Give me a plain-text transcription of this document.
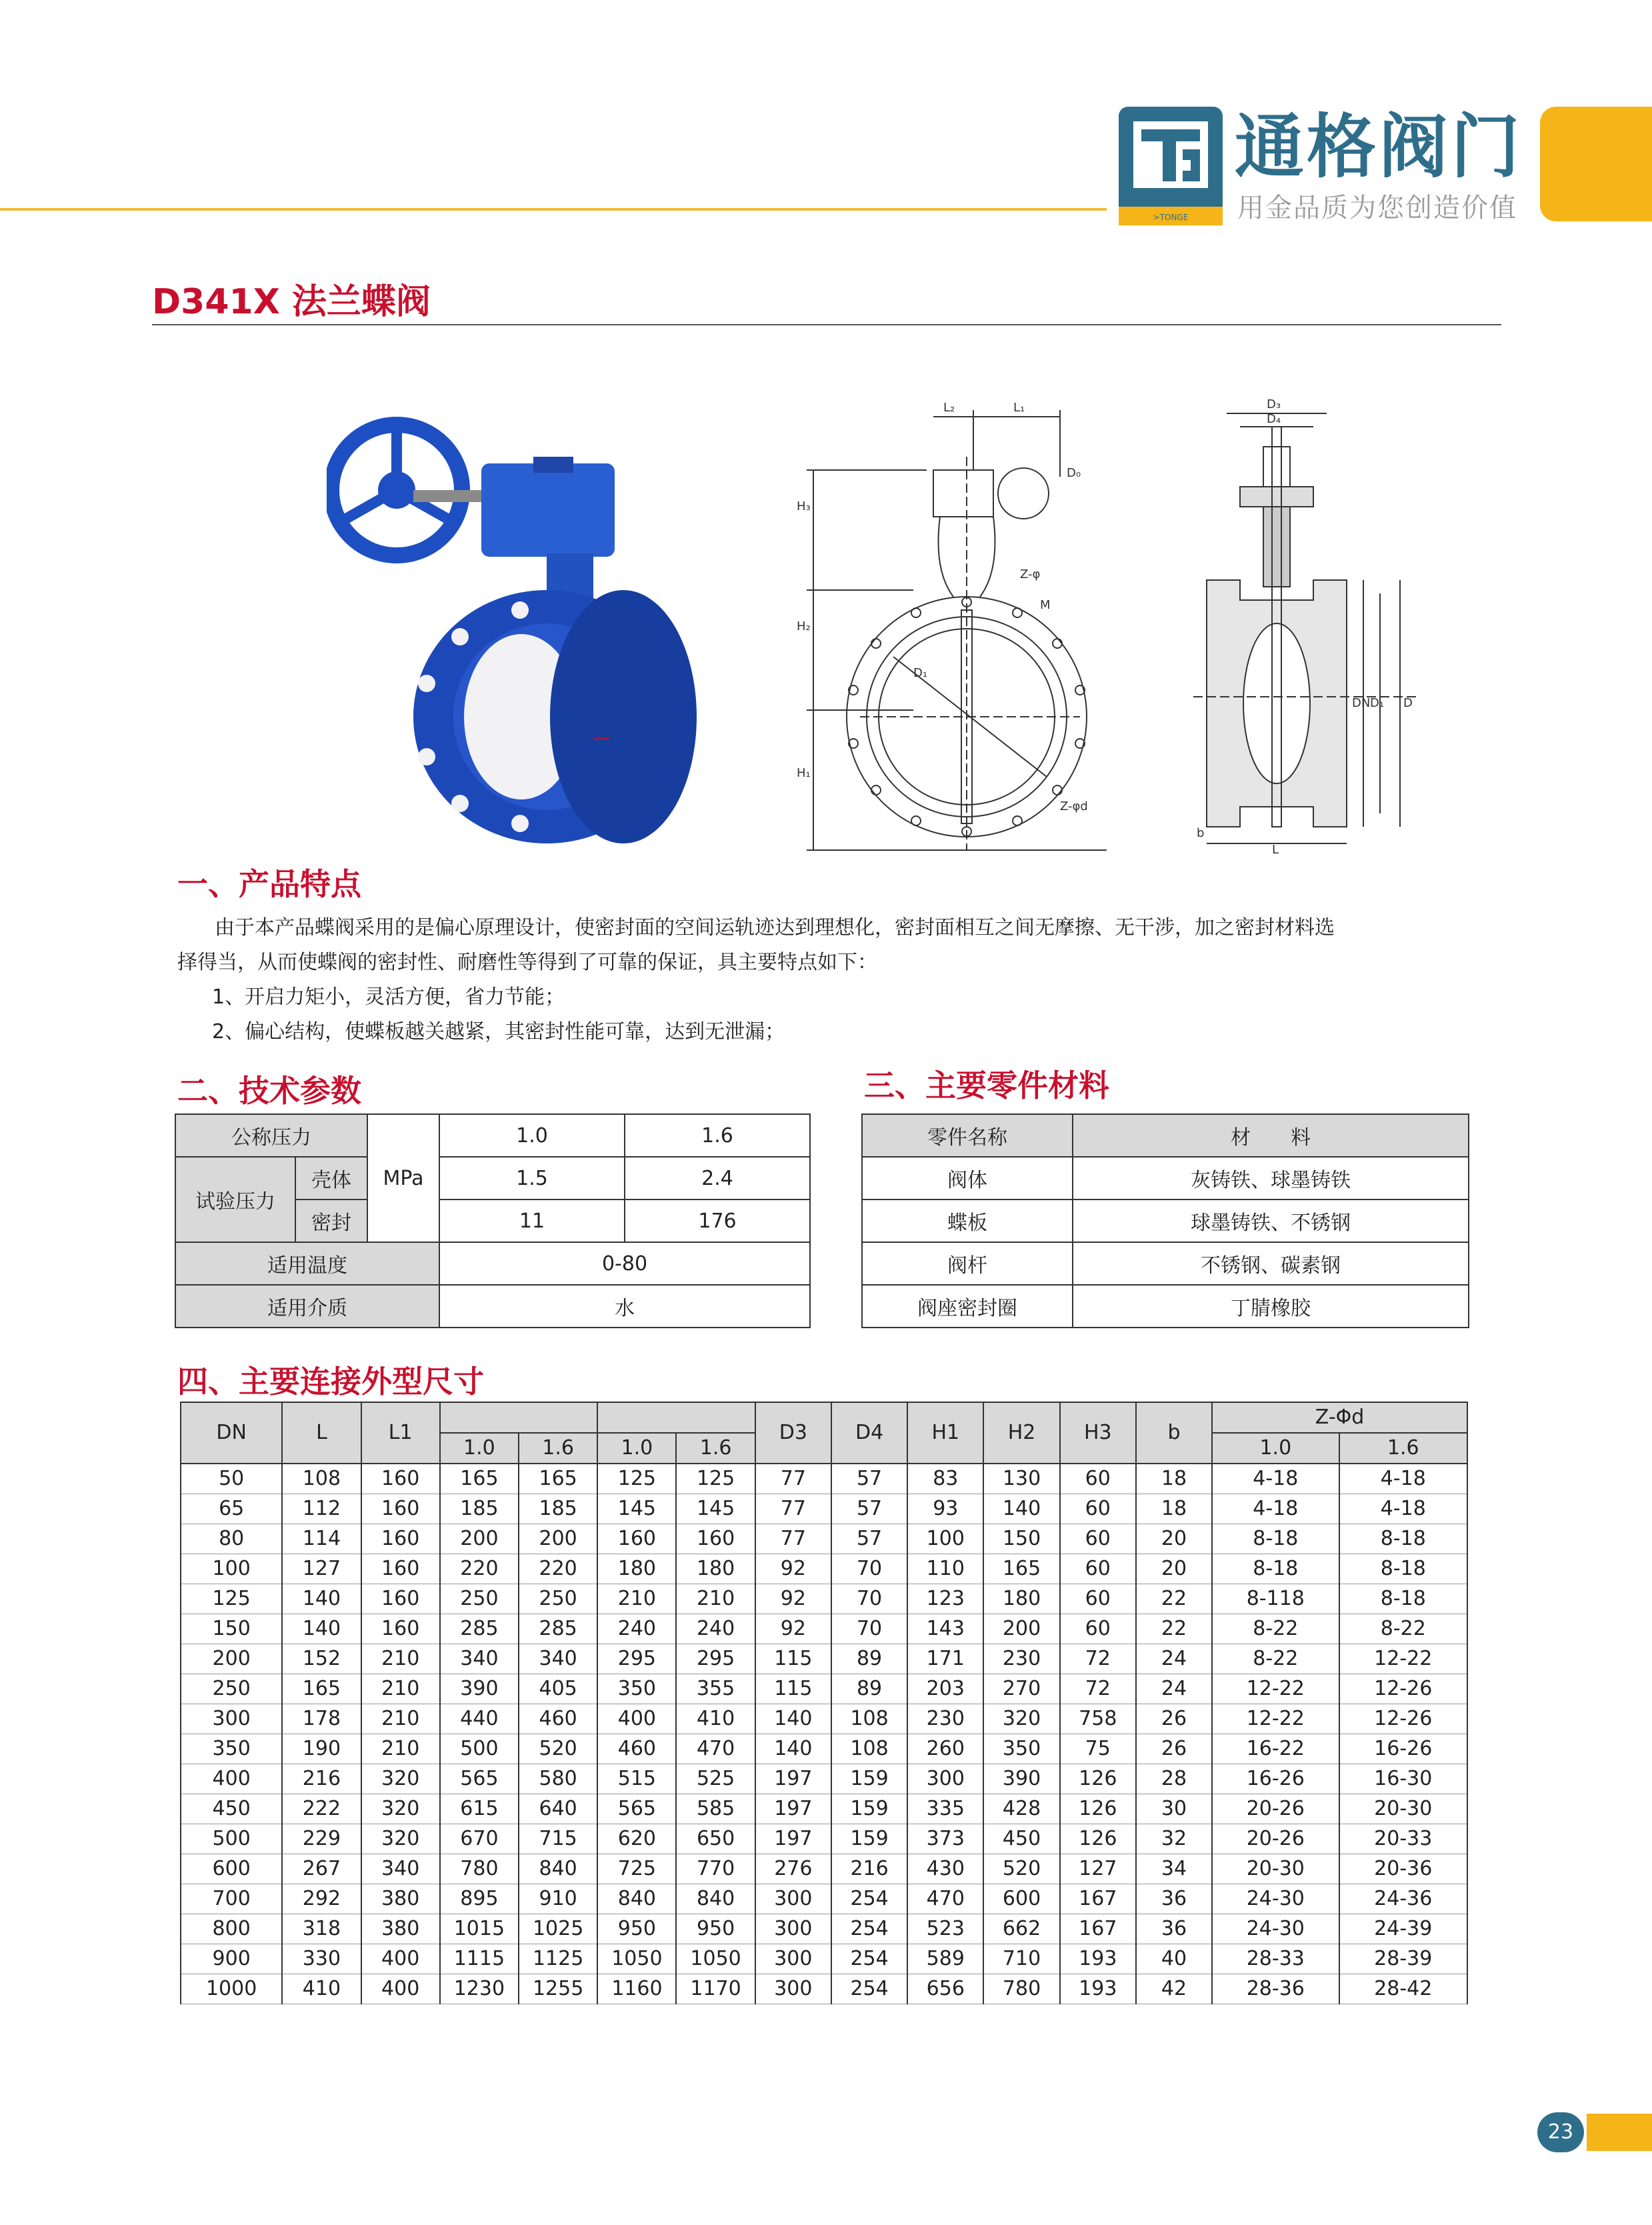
>TONGE
通格阀门
用金品质为您创造价值
D341X 法兰蝶阀
—
L₂	L₁
D₀
H₃
H₂
H₁
Z-φ
M
D₁
Z-φd
D₃
D₄
DN D₁ D
b
L
一、产品特点
由于本产品蝶阀采用的是偏心原理设计，使密封面的空间运轨迹达到理想化，密封面相互之间无摩擦、无干涉，加之密封材料选
择得当，从而使蝶阀的密封性、耐磨性等得到了可靠的保证，具主要特点如下：
1、开启力矩小，灵活方便，省力节能；
2、偏心结构，使蝶板越关越紧，其密封性能可靠，达到无泄漏；
二、技术参数
公称压力		MPa	1.0	1.6
试验压力	壳体		1.5	2.4
	密封		11	176
适用温度			0-80	
适用介质			水	
三、主要零件材料
零件名称	材　　料
阀体	灰铸铁、球墨铸铁
蝶板	球墨铸铁、不锈钢
阀杆	不锈钢、碳素钢
阀座密封圈	丁腈橡胶
四、主要连接外型尺寸
DN	L	L1					D3	D4	H1	H2	H3	b	Z-Φd	
			1.0	1.6	1.0	1.6							1.0	1.6
50	108	160	165	165	125	125	77	57	83	130	60	18	4-18	4-18
65	112	160	185	185	145	145	77	57	93	140	60	18	4-18	4-18
80	114	160	200	200	160	160	77	57	100	150	60	20	8-18	8-18
100	127	160	220	220	180	180	92	70	110	165	60	20	8-18	8-18
125	140	160	250	250	210	210	92	70	123	180	60	22	8-118	8-18
150	140	160	285	285	240	240	92	70	143	200	60	22	8-22	8-22
200	152	210	340	340	295	295	115	89	171	230	72	24	8-22	12-22
250	165	210	390	405	350	355	115	89	203	270	72	24	12-22	12-26
300	178	210	440	460	400	410	140	108	230	320	758	26	12-22	12-26
350	190	210	500	520	460	470	140	108	260	350	75	26	16-22	16-26
400	216	320	565	580	515	525	197	159	300	390	126	28	16-26	16-30
450	222	320	615	640	565	585	197	159	335	428	126	30	20-26	20-30
500	229	320	670	715	620	650	197	159	373	450	126	32	20-26	20-33
600	267	340	780	840	725	770	276	216	430	520	127	34	20-30	20-36
700	292	380	895	910	840	840	300	254	470	600	167	36	24-30	24-36
800	318	380	1015	1025	950	950	300	254	523	662	167	36	24-30	24-39
900	330	400	1115	1125	1050	1050	300	254	589	710	193	40	28-33	28-39
1000	410	400	1230	1255	1160	1170	300	254	656	780	193	42	28-36	28-42
23
